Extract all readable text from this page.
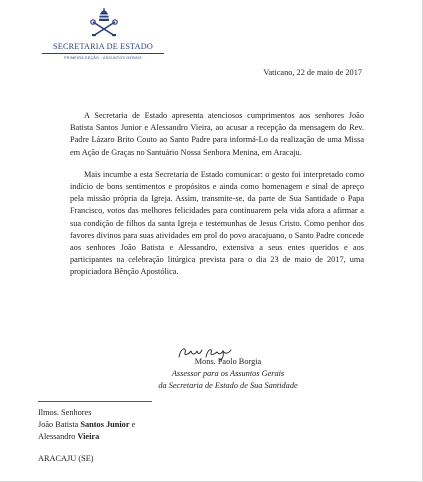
SECRETARIA DE ESTADO
PRIMEIRA SEÇÃO - ASSUNTOS GERAIS
Vaticano, 22 de maio de 2017

A Secretaria de Estado apresenta atenciosos cumprimentos aos senhores João Batista Santos Junior e Alessandro Vieira, ao acusar a recepção da mensagem do Rev. Padre Lázaro Brito Couto ao Santo Padre para informá-Lo da realização de uma Missa em Ação de Graças no Santuário Nossa Senhora Menina, em Aracaju.

Mais incumbe a esta Secretaria de Estado comunicar: o gesto foi interpretado como indício de bons sentimentos e propósitos e ainda como homenagem e sinal de apreço pela missão própria da Igreja. Assim, transmite-se, da parte de Sua Santidade o Papa Francisco, votos das melhores felicidades para continuarem pela vida afora a afirmar a sua condição de filhos da santa Igreja e testemunhas de Jesus Cristo. Como penhor dos favores divinos para suas atividades em prol do povo aracajuano, o Santo Padre concede aos senhores João Batista e Alessandro, extensiva a seus entes queridos e aos participantes na celebração litúrgica prevista para o dia 23 de maio de 2017, uma propiciadora Bênção Apostólica.

Mons. Paolo Borgia
Assessor para os Assuntos Gerais
da Secretaria de Estado de Sua Santidade
Ilmos. Senhores
João Batista Santos Junior e
Alessandro Vieira
ARACAJU (SE)
